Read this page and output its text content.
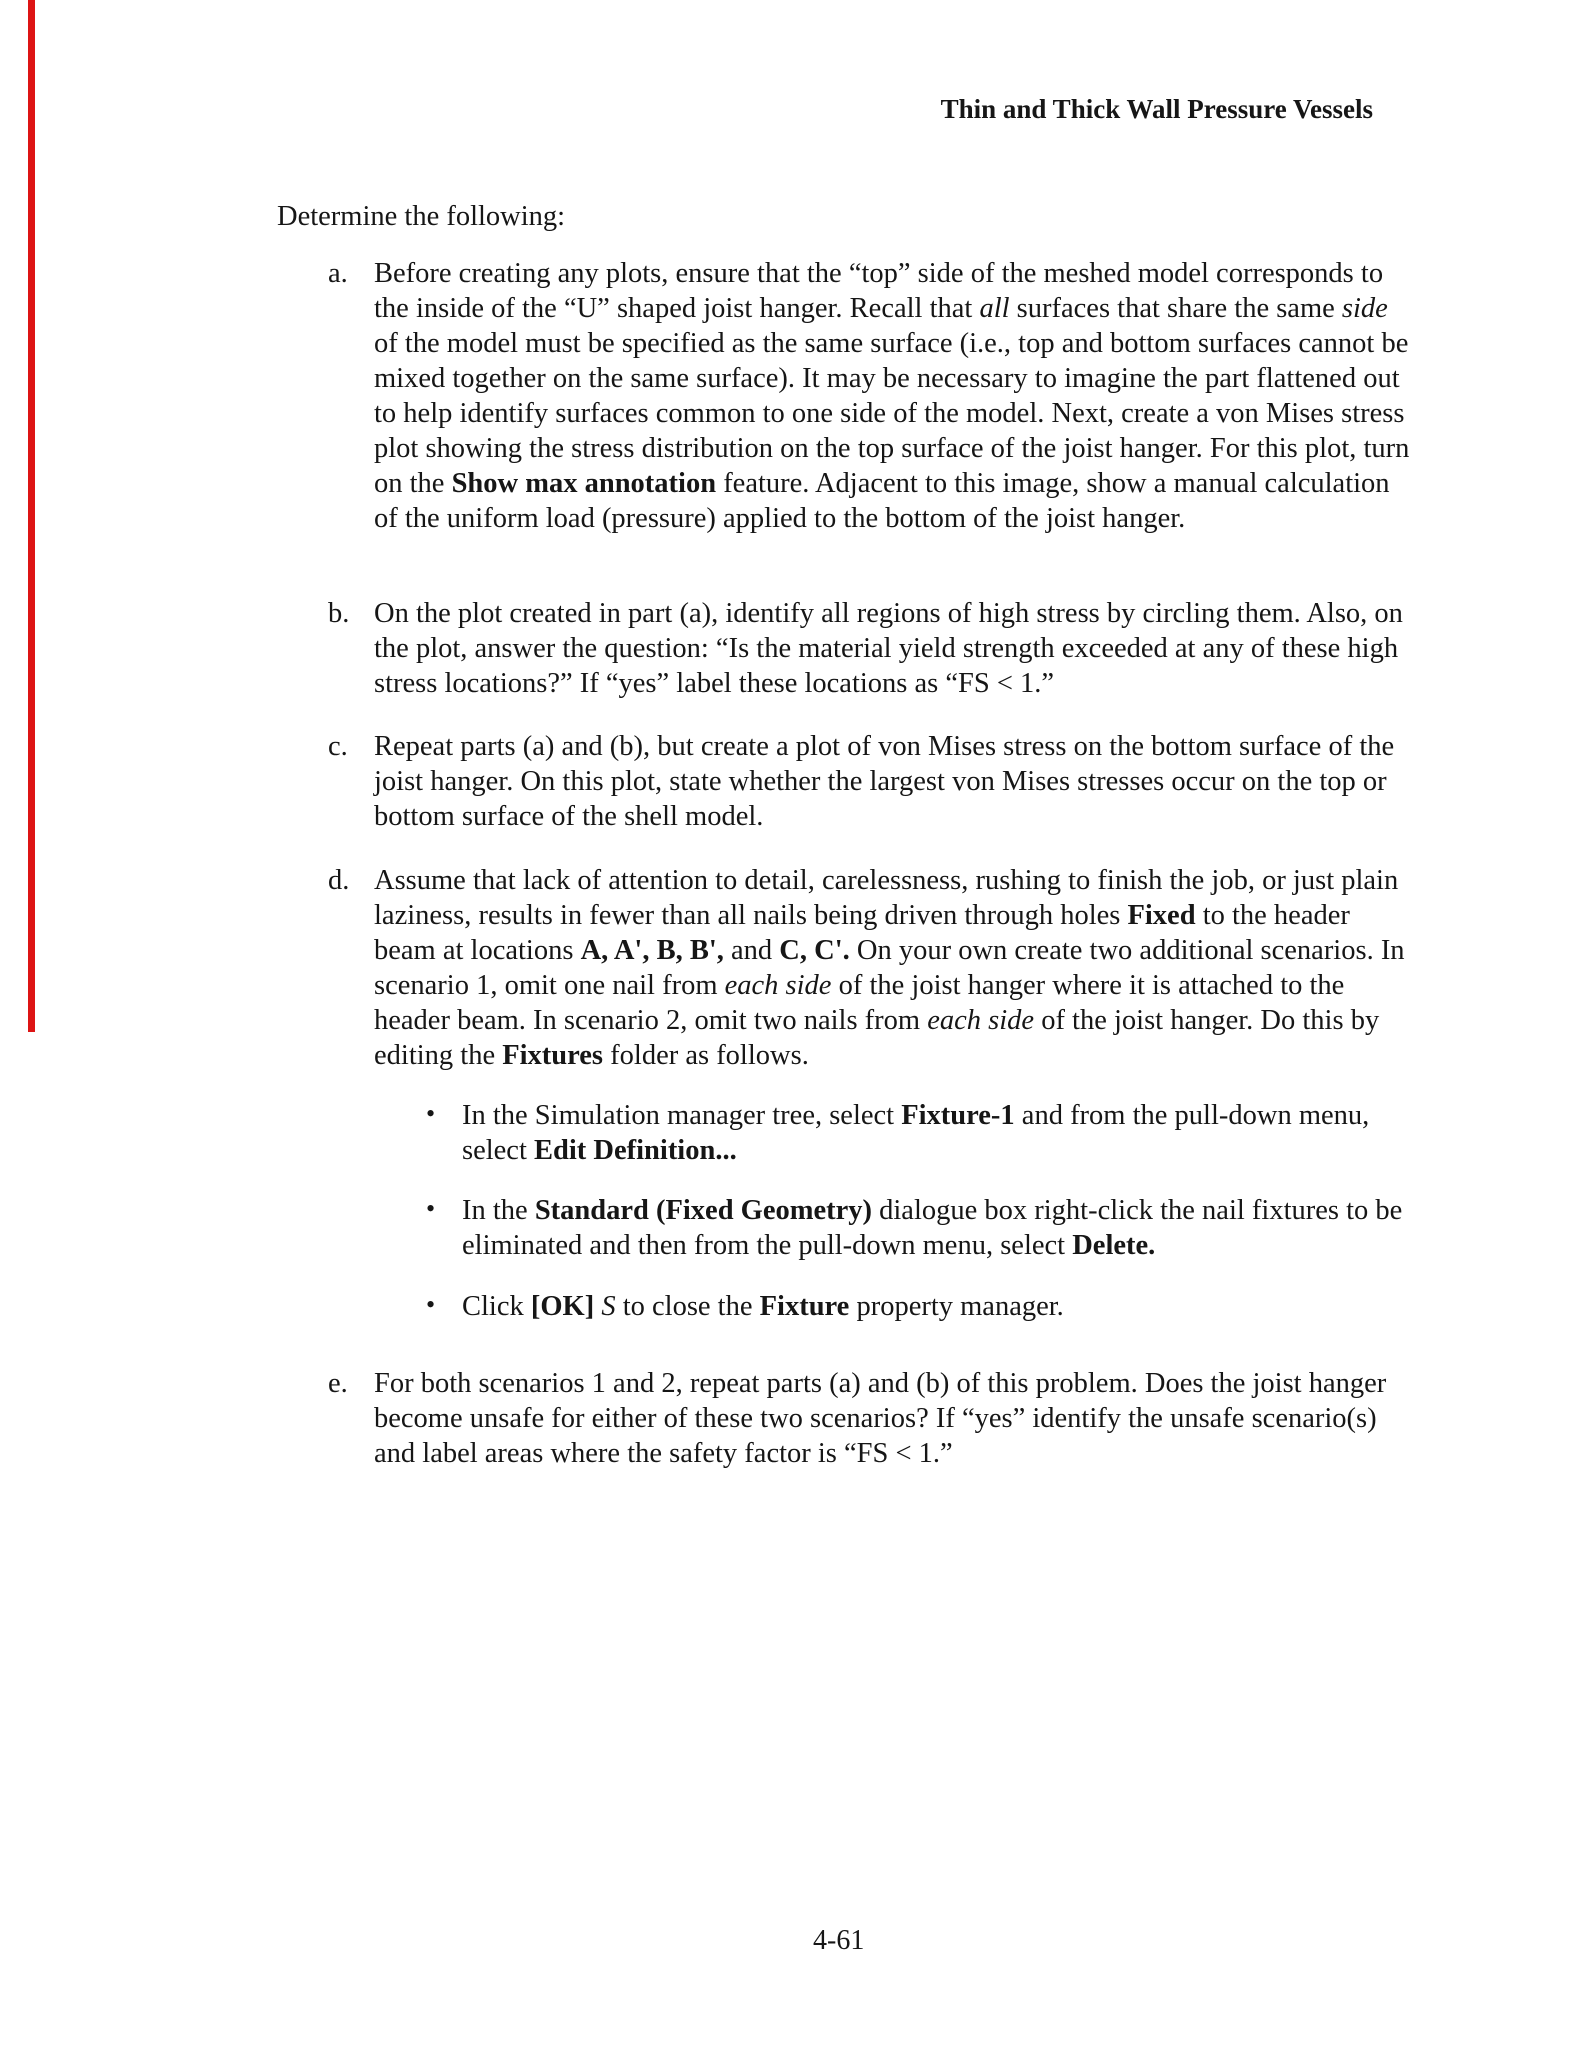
Thin and Thick Wall Pressure Vessels

Determine the following:

a. Before creating any plots, ensure that the “top” side of the meshed model corresponds to the inside of the “U” shaped joist hanger. Recall that all surfaces that share the same side of the model must be specified as the same surface (i.e., top and bottom surfaces cannot be mixed together on the same surface). It may be necessary to imagine the part flattened out to help identify surfaces common to one side of the model. Next, create a von Mises stress plot showing the stress distribution on the top surface of the joist hanger. For this plot, turn on the Show max annotation feature. Adjacent to this image, show a manual calculation of the uniform load (pressure) applied to the bottom of the joist hanger.

b. On the plot created in part (a), identify all regions of high stress by circling them. Also, on the plot, answer the question: “Is the material yield strength exceeded at any of these high stress locations?” If “yes” label these locations as “FS < 1.”

c. Repeat parts (a) and (b), but create a plot of von Mises stress on the bottom surface of the joist hanger. On this plot, state whether the largest von Mises stresses occur on the top or bottom surface of the shell model.

d. Assume that lack of attention to detail, carelessness, rushing to finish the job, or just plain laziness, results in fewer than all nails being driven through holes Fixed to the header beam at locations A, A', B, B', and C, C'. On your own create two additional scenarios. In scenario 1, omit one nail from each side of the joist hanger where it is attached to the header beam. In scenario 2, omit two nails from each side of the joist hanger. Do this by editing the Fixtures folder as follows.

• In the Simulation manager tree, select Fixture-1 and from the pull-down menu, select Edit Definition...

• In the Standard (Fixed Geometry) dialogue box right-click the nail fixtures to be eliminated and then from the pull-down menu, select Delete.

• Click [OK] S to close the Fixture property manager.

e. For both scenarios 1 and 2, repeat parts (a) and (b) of this problem. Does the joist hanger become unsafe for either of these two scenarios? If “yes” identify the unsafe scenario(s) and label areas where the safety factor is “FS < 1.”

4-61
